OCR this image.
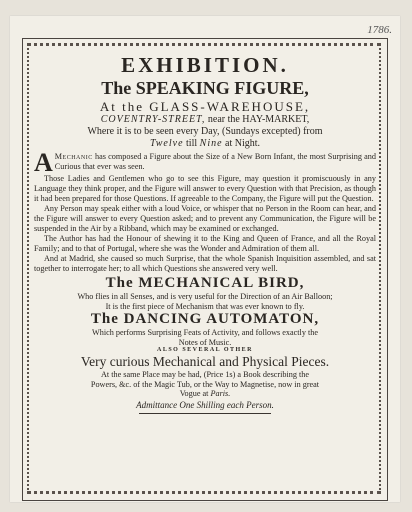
1786.

EXHIBITION.

The SPEAKING FIGURE,

At the GLASS-WAREHOUSE,

COVENTRY-STREET, near the HAY-MARKET,

Where it is to be seen every Day, (Sundays excepted) from

Twelve till Nine at Night.

A Mechanic has composed a Figure about the Size of a New Born Infant, the most Surprising and Curious that ever was seen.

Those Ladies and Gentlemen who go to see this Figure, may question it promiscuously in any Language they think proper, and the Figure will answer to every Question with that Precision, as though it had been prepared for those Questions. If agreeable to the Company, the Figure will put the Question.

Any Person may speak either with a loud Voice, or whisper that no Person in the Room can hear, and the Figure will answer to every Question asked; and to prevent any Communication, the Figure will be suspended in the Air by a Ribband, which may be examined or exchanged.

The Author has had the Honour of shewing it to the King and Queen of France, and all the Royal Family; and to that of Portugal, where she was the Wonder and Admiration of them all.

And at Madrid, she caused so much Surprise, that the whole Spanish Inquisition assembled, and sat together to interrogate her; to all which Questions she answered very well.

The MECHANICAL BIRD,

Who flies in all Senses, and is very useful for the Direction of an Air Balloon;

It is the first piece of Mechanism that was ever known to fly.

The DANCING AUTOMATON,

Which performs Surprising Feats of Activity, and follows exactly the

Notes of Music.

ALSO SEVERAL OTHER

Very curious Mechanical and Physical Pieces.

At the same Place may be had, (Price 1s) a Book describing the

Powers, &c. of the Magic Tub, or the Way to Magnetise, now in great

Vogue at Paris.

Admittance One Shilling each Person.
